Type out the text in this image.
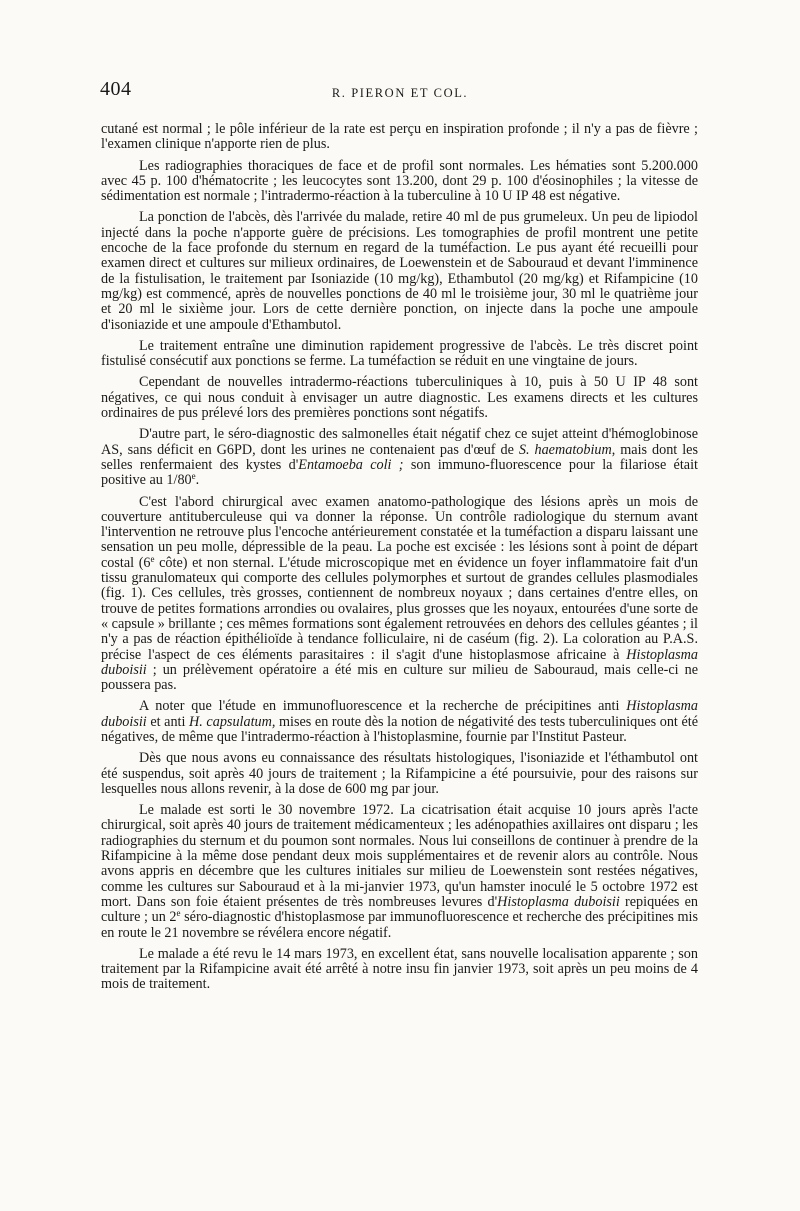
404	R. PIERON ET COL.

cutané est normal ; le pôle inférieur de la rate est perçu en inspiration profonde ; il n'y a pas de fièvre ; l'examen clinique n'apporte rien de plus.

Les radiographies thoraciques de face et de profil sont normales. Les hématies sont 5.200.000 avec 45 p. 100 d'hématocrite ; les leucocytes sont 13.200, dont 29 p. 100 d'éosinophiles ; la vitesse de sédimentation est normale ; l'intradermo-réaction à la tuberculine à 10 U IP 48 est négative.

La ponction de l'abcès, dès l'arrivée du malade, retire 40 ml de pus grumeleux. Un peu de lipiodol injecté dans la poche n'apporte guère de précisions. Les tomographies de profil montrent une petite encoche de la face profonde du sternum en regard de la tuméfaction. Le pus ayant été recueilli pour examen direct et cultures sur milieux ordinaires, de Loewenstein et de Sabouraud et devant l'imminence de la fistulisation, le traitement par Isoniazide (10 mg/kg), Ethambutol (20 mg/kg) et Rifampicine (10 mg/kg) est commencé, après de nouvelles ponctions de 40 ml le troisième jour, 30 ml le quatrième jour et 20 ml le sixième jour. Lors de cette dernière ponction, on injecte dans la poche une ampoule d'isoniazide et une ampoule d'Ethambutol.

Le traitement entraîne une diminution rapidement progressive de l'abcès. Le très discret point fistulisé consécutif aux ponctions se ferme. La tuméfaction se réduit en une vingtaine de jours.

Cependant de nouvelles intradermo-réactions tuberculiniques à 10, puis à 50 U IP 48 sont négatives, ce qui nous conduit à envisager un autre diagnostic. Les examens directs et les cultures ordinaires de pus prélevé lors des premières ponctions sont négatifs.

D'autre part, le séro-diagnostic des salmonelles était négatif chez ce sujet atteint d'hémoglobinose AS, sans déficit en G6PD, dont les urines ne contenaient pas d'œuf de S. haematobium, mais dont les selles renfermaient des kystes d'Entamoeba coli ; son immuno-fluorescence pour la filariose était positive au 1/80e.

C'est l'abord chirurgical avec examen anatomo-pathologique des lésions après un mois de couverture antituberculeuse qui va donner la réponse. Un contrôle radiologique du sternum avant l'intervention ne retrouve plus l'encoche antérieurement constatée et la tuméfaction a disparu laissant une sensation un peu molle, dépressible de la peau. La poche est excisée : les lésions sont à point de départ costal (6e côte) et non sternal. L'étude microscopique met en évidence un foyer inflammatoire fait d'un tissu granulomateux qui comporte des cellules polymorphes et surtout de grandes cellules plasmodiales (fig. 1). Ces cellules, très grosses, contiennent de nombreux noyaux ; dans certaines d'entre elles, on trouve de petites formations arrondies ou ovalaires, plus grosses que les noyaux, entourées d'une sorte de « capsule » brillante ; ces mêmes formations sont également retrouvées en dehors des cellules géantes ; il n'y a pas de réaction épithélioïde à tendance folliculaire, ni de caséum (fig. 2). La coloration au P.A.S. précise l'aspect de ces éléments parasitaires : il s'agit d'une histoplasmose africaine à Histoplasma duboisii ; un prélèvement opératoire a été mis en culture sur milieu de Sabouraud, mais celle-ci ne poussera pas.

A noter que l'étude en immunofluorescence et la recherche de précipitines anti Histoplasma duboisii et anti H. capsulatum, mises en route dès la notion de négativité des tests tuberculiniques ont été négatives, de même que l'intradermo-réaction à l'histoplasmine, fournie par l'Institut Pasteur.

Dès que nous avons eu connaissance des résultats histologiques, l'isoniazide et l'éthambutol ont été suspendus, soit après 40 jours de traitement ; la Rifampicine a été poursuivie, pour des raisons sur lesquelles nous allons revenir, à la dose de 600 mg par jour.

Le malade est sorti le 30 novembre 1972. La cicatrisation était acquise 10 jours après l'acte chirurgical, soit après 40 jours de traitement médicamenteux ; les adénopathies axillaires ont disparu ; les radiographies du sternum et du poumon sont normales. Nous lui conseillons de continuer à prendre de la Rifampicine à la même dose pendant deux mois supplémentaires et de revenir alors au contrôle. Nous avons appris en décembre que les cultures initiales sur milieu de Loewenstein sont restées négatives, comme les cultures sur Sabouraud et à la mi-janvier 1973, qu'un hamster inoculé le 5 octobre 1972 est mort. Dans son foie étaient présentes de très nombreuses levures d'Histoplasma duboisii repiquées en culture ; un 2e séro-diagnostic d'histoplasmose par immunofluorescence et recherche des précipitines mis en route le 21 novembre se révélera encore négatif.

Le malade a été revu le 14 mars 1973, en excellent état, sans nouvelle localisation apparente ; son traitement par la Rifampicine avait été arrêté à notre insu fin janvier 1973, soit après un peu moins de 4 mois de traitement.
